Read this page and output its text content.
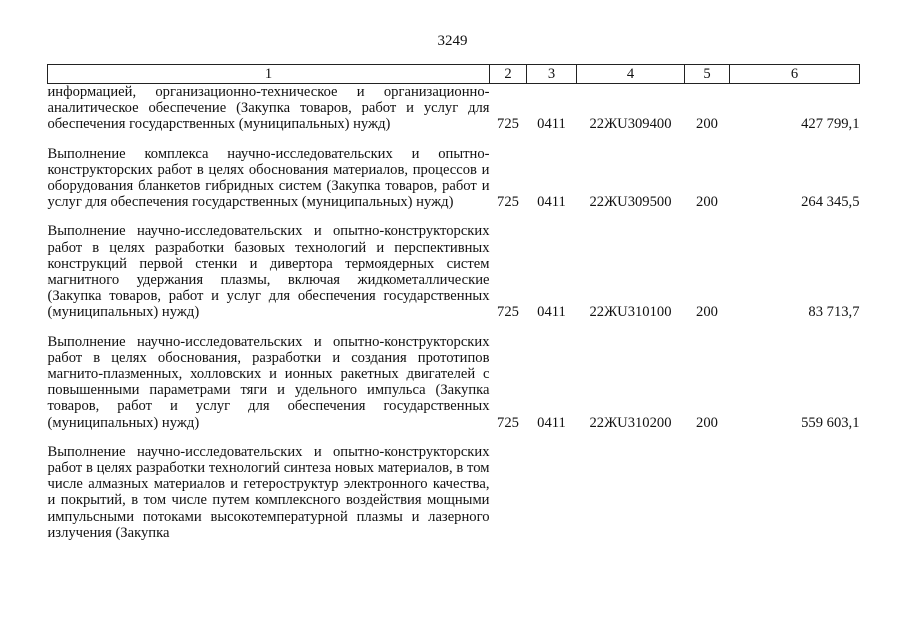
3249
1	2	3	4	5	6
информацией, организационно-техническое и организационно-аналитическое обеспечение (Закупка товаров, работ и услуг для обеспечения государственных (муниципальных) нужд)	725	0411	22ЖU309400	200	427 799,1
Выполнение комплекса научно-исследовательских и опытно-конструкторских работ в целях обоснования материалов, процессов и оборудования бланкетов гибридных систем (Закупка товаров, работ и услуг для обеспечения государственных (муниципальных) нужд)	725	0411	22ЖU309500	200	264 345,5
Выполнение научно-исследовательских и опытно-конструкторских работ в целях разработки базовых технологий и перспективных конструкций первой стенки и дивертора термоядерных систем магнитного удержания плазмы, включая жидкометаллические (Закупка товаров, работ и услуг для обеспечения государственных (муниципальных) нужд)	725	0411	22ЖU310100	200	83 713,7
Выполнение научно-исследовательских и опытно-конструкторских работ в целях обоснования, разработки и создания прототипов магнито-плазменных, холловских и ионных ракетных двигателей с повышенными параметрами тяги и удельного импульса (Закупка товаров, работ и услуг для обеспечения государственных (муниципальных) нужд)	725	0411	22ЖU310200	200	559 603,1
Выполнение научно-исследовательских и опытно-конструкторских работ в целях разработки технологий синтеза новых материалов, в том числе алмазных материалов и гетероструктур электронного качества, и покрытий, в том числе путем комплексного воздействия мощными импульсными потоками высокотемпературной плазмы и лазерного излучения (Закупка					
